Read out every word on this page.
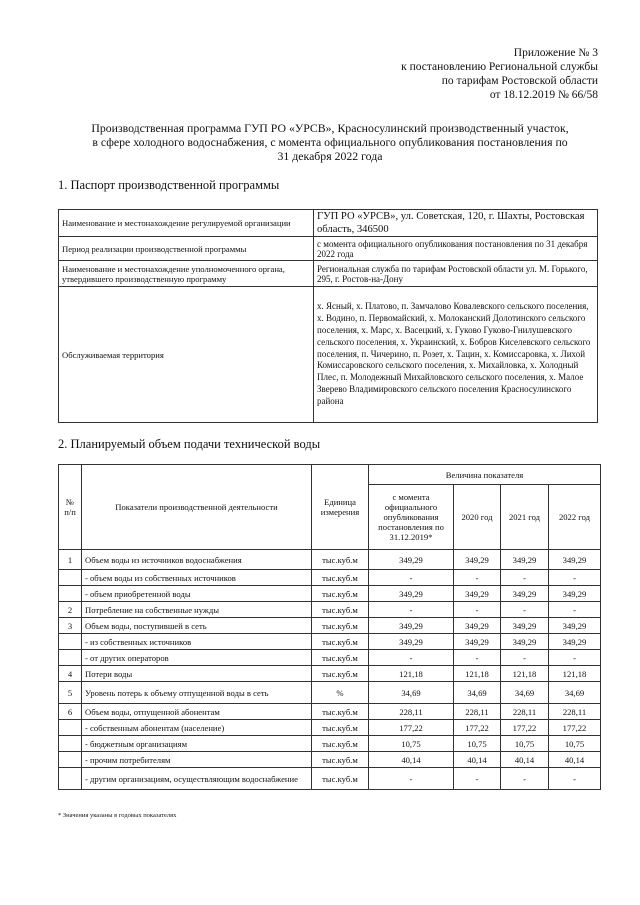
Приложение № 3
к постановлению Региональной службы
по тарифам Ростовской области
от 18.12.2019 № 66/58
Производственная программа ГУП РО «УРСВ», Красносулинский производственный участок,
в сфере холодного водоснабжения, с момента официального опубликования постановления по
31 декабря 2022 года
1. Паспорт производственной программы
Наименование и местонахождение регулируемой организации	ГУП РО «УРСВ», ул. Советская, 120, г. Шахты, Ростовская область, 346500
Период реализации производственной программы	с момента официального опубликования постановления по 31 декабря 2022 года
Наименование и местонахождение уполномоченного органа, утвердившего производственную программу	Региональная служба по тарифам Ростовской области ул. М. Горького, 295, г. Ростов-на-Дону
Обслуживаемая территория	х. Ясный, х. Платово, п. Замчалово Ковалевского сельского поселения, х. Водино, п. Первомайский, х. Молоканский Долотинского сельского поселения, х. Марс, х. Васецкий, х. Гуково Гуково-Гнилушевского сельского поселения, х. Украинский, х. Бобров Киселевского сельского поселения, п. Чичерино, п. Розет, х. Тацин, х. Комиссаровка, х. Лихой Комиссаровского сельского поселения, х. Михайловка, х. Холодный Плес, п. Молодежный Михайловского сельского поселения, х. Малое Зверево Владимировского сельского поселения Красносулинского района
2. Планируемый объем подачи технической воды
№ п/п	Показатели производственной деятельности	Единица измерения	Величина показателя			
			с момента официального опубликования постановления по 31.12.2019*	2020 год	2021 год	2022 год
1	Объем воды из источников водоснабжения	тыс.куб.м	349,29	349,29	349,29	349,29
	- объем воды из собственных источников	тыс.куб.м	-	-	-	-
	- объем приобретенной воды	тыс.куб.м	349,29	349,29	349,29	349,29
2	Потребление на собственные нужды	тыс.куб.м	-	-	-	-
3	Объем воды, поступившей в сеть	тыс.куб.м	349,29	349,29	349,29	349,29
	- из собственных источников	тыс.куб.м	349,29	349,29	349,29	349,29
	- от других операторов	тыс.куб.м	-	-	-	-
4	Потери воды	тыс.куб.м	121,18	121,18	121,18	121,18
5	Уровень потерь к объему отпущенной воды в сеть	%	34,69	34,69	34,69	34,69
6	Объем воды, отпущенной абонентам	тыс.куб.м	228,11	228,11	228,11	228,11
	- собственным абонентам (население)	тыс.куб.м	177,22	177,22	177,22	177,22
	- бюджетным организациям	тыс.куб.м	10,75	10,75	10,75	10,75
	- прочим потребителям	тыс.куб.м	40,14	40,14	40,14	40,14
	- другим организациям, осуществляющим водоснабжение	тыс.куб.м	-	-	-	-
* Значения указаны в годовых показателях
